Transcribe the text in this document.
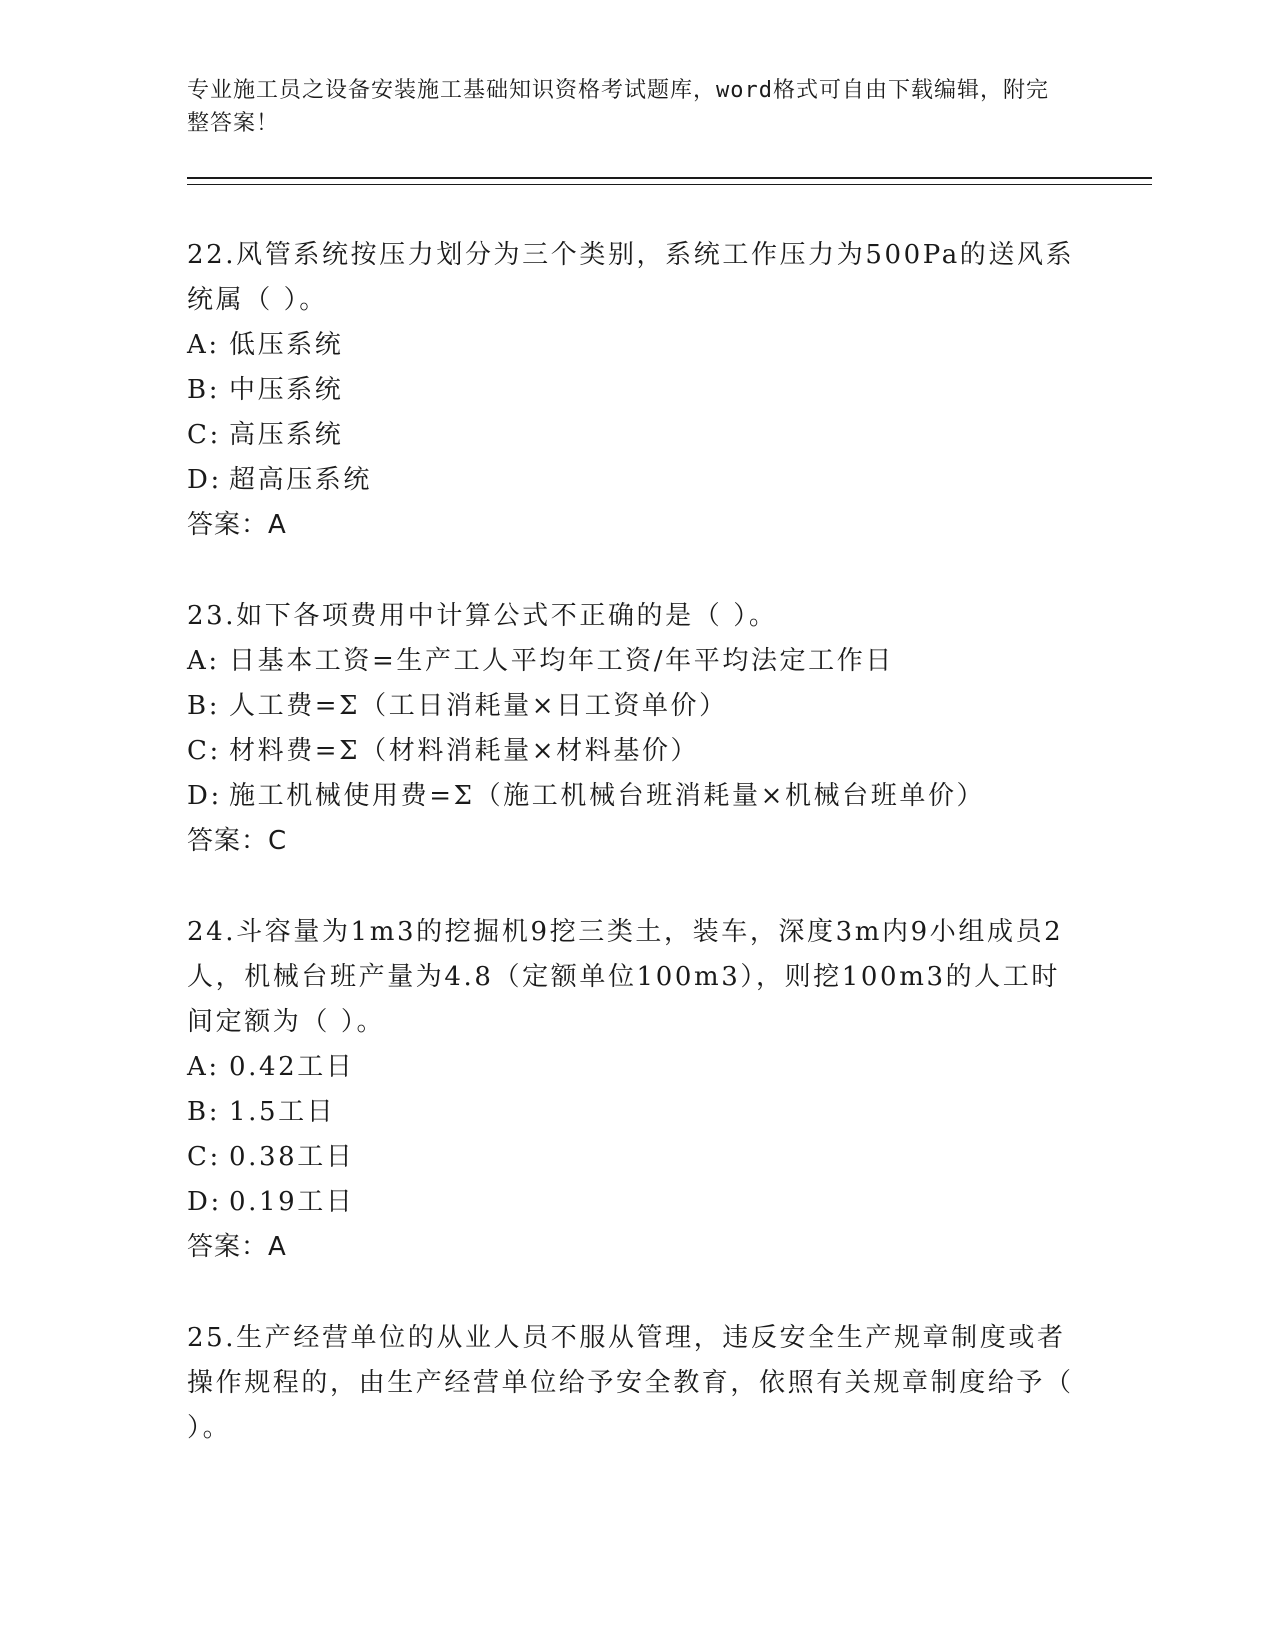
专业施工员之设备安装施工基础知识资格考试题库，word格式可自由下载编辑，附完整答案！
22.风管系统按压力划分为三个类别，系统工作压力为500Pa的送风系统属（ ）。
A: 低压系统
B: 中压系统
C: 高压系统
D: 超高压系统
答案：A
23.如下各项费用中计算公式不正确的是（ ）。
A: 日基本工资=生产工人平均年工资/年平均法定工作日
B: 人工费=Σ（工日消耗量×日工资单价）
C: 材料费=Σ（材料消耗量×材料基价）
D: 施工机械使用费=Σ（施工机械台班消耗量×机械台班单价）
答案：C
24.斗容量为1m3的挖掘机9挖三类土，装车，深度3m内9小组成员2人，机械台班产量为4.8（定额单位100m3），则挖100m3的人工时间定额为（ ）。
A: 0.42工日
B: 1.5工日
C: 0.38工日
D: 0.19工日
答案：A
25.生产经营单位的从业人员不服从管理，违反安全生产规章制度或者操作规程的，由生产经营单位给予安全教育，依照有关规章制度给予（ ）。
